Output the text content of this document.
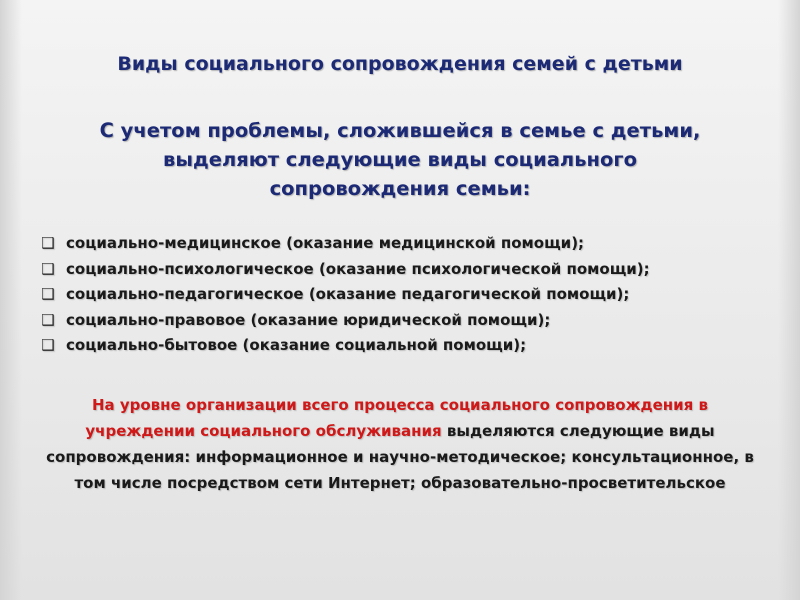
Виды социального сопровождения семей с детьми

С учетом проблемы, сложившейся в семье с детьми, выделяют следующие виды социального сопровождения семьи:

❑ социально-медицинское (оказание медицинской помощи);
❑ социально-психологическое (оказание психологической помощи);
❑ социально-педагогическое (оказание педагогической помощи);
❑ социально-правовое (оказание юридической помощи);
❑ социально-бытовое (оказание социальной помощи);

На уровне организации всего процесса социального сопровождения в учреждении социального обслуживания выделяются следующие виды сопровождения: информационное и научно-методическое; консультационное, в том числе посредством сети Интернет; образовательно-просветительское
